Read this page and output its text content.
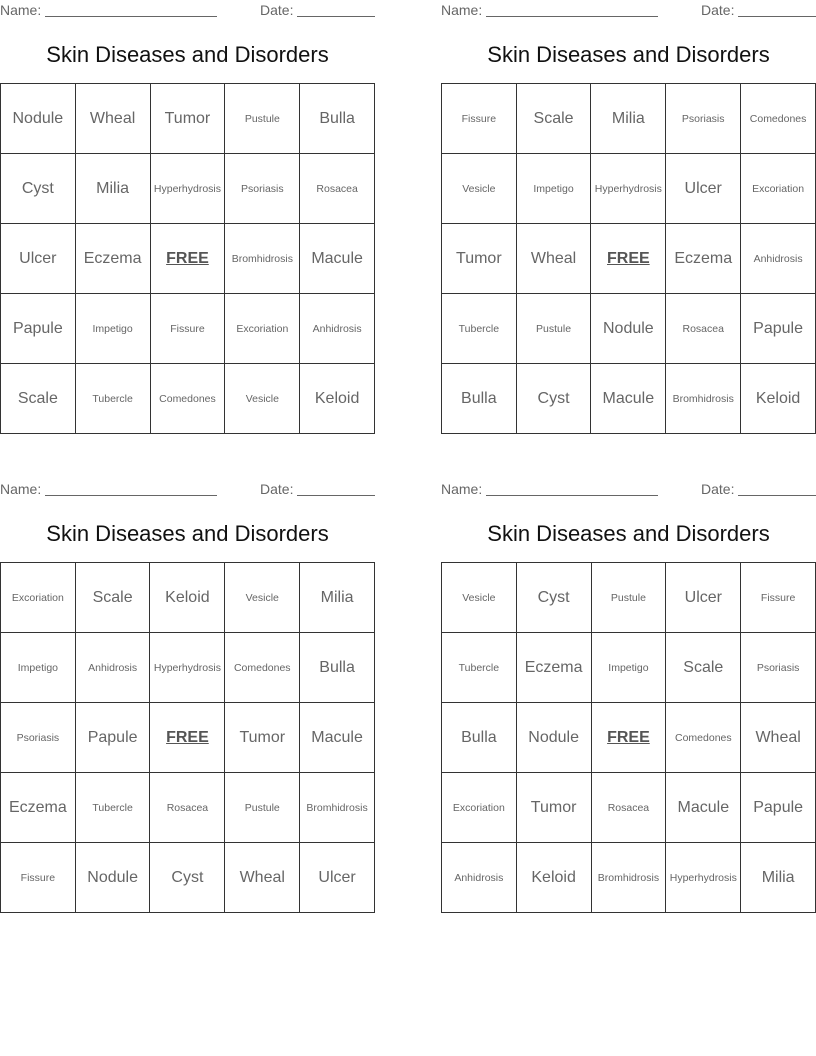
Name:	Date:
Skin Diseases and Disorders
Nodule	Wheal	Tumor	Pustule	Bulla
Cyst	Milia	Hyperhydrosis	Psoriasis	Rosacea
Ulcer	Eczema	FREE	Bromhidrosis	Macule
Papule	Impetigo	Fissure	Excoriation	Anhidrosis
Scale	Tubercle	Comedones	Vesicle	Keloid
Name:	Date:
Skin Diseases and Disorders
Fissure	Scale	Milia	Psoriasis	Comedones
Vesicle	Impetigo	Hyperhydrosis	Ulcer	Excoriation
Tumor	Wheal	FREE	Eczema	Anhidrosis
Tubercle	Pustule	Nodule	Rosacea	Papule
Bulla	Cyst	Macule	Bromhidrosis	Keloid
Name:	Date:
Skin Diseases and Disorders
Excoriation	Scale	Keloid	Vesicle	Milia
Impetigo	Anhidrosis	Hyperhydrosis	Comedones	Bulla
Psoriasis	Papule	FREE	Tumor	Macule
Eczema	Tubercle	Rosacea	Pustule	Bromhidrosis
Fissure	Nodule	Cyst	Wheal	Ulcer
Name:	Date:
Skin Diseases and Disorders
Vesicle	Cyst	Pustule	Ulcer	Fissure
Tubercle	Eczema	Impetigo	Scale	Psoriasis
Bulla	Nodule	FREE	Comedones	Wheal
Excoriation	Tumor	Rosacea	Macule	Papule
Anhidrosis	Keloid	Bromhidrosis	Hyperhydrosis	Milia
